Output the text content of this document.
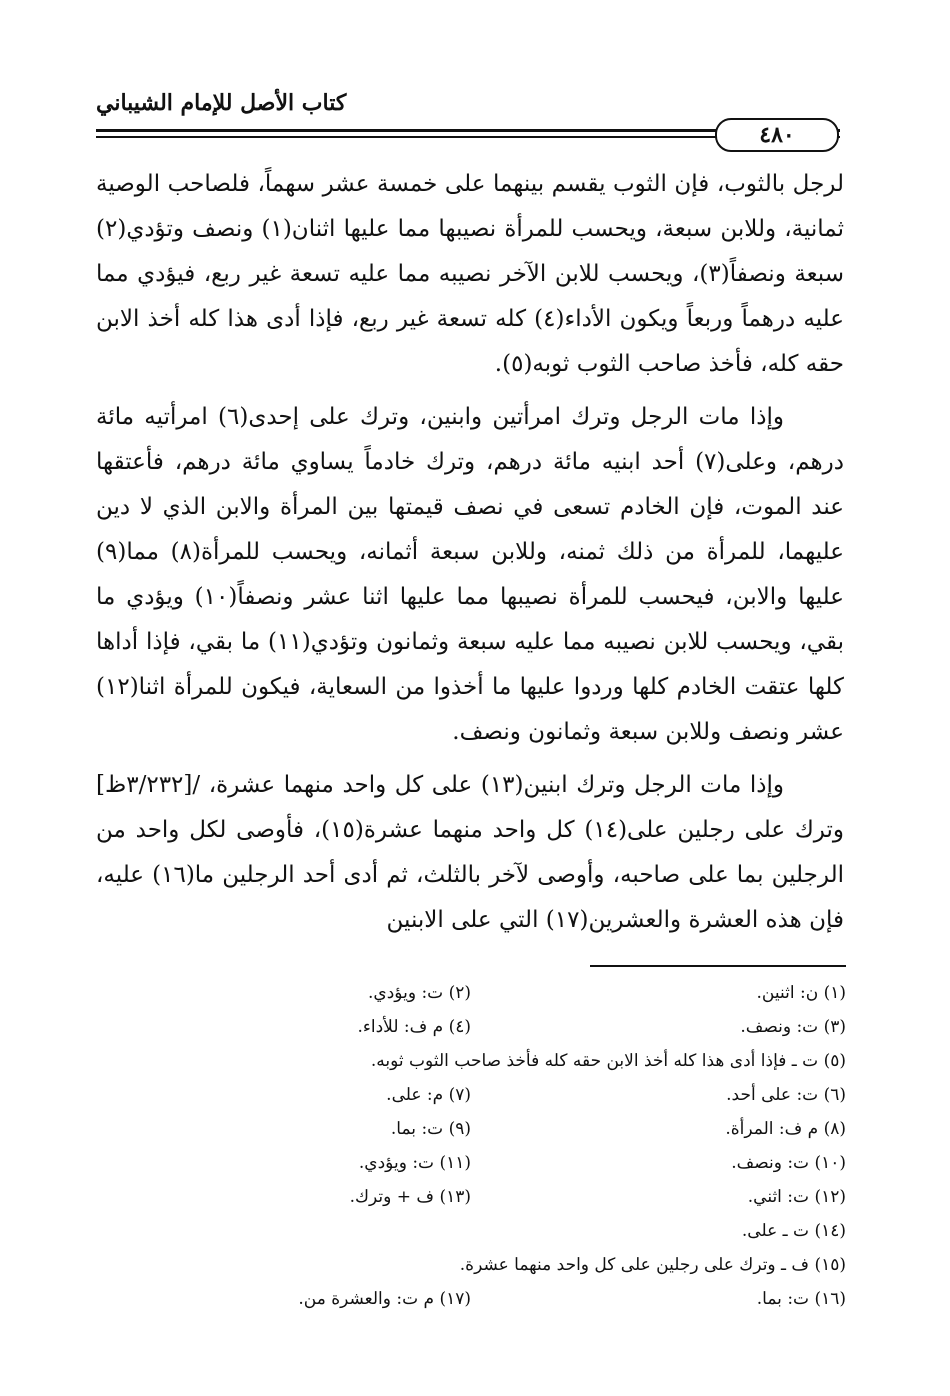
كتاب الأصل للإمام الشيباني
٤٨٠

لرجل بالثوب، فإن الثوب يقسم بينهما على خمسة عشر سهماً، فلصاحب الوصية ثمانية، وللابن سبعة، ويحسب للمرأة نصيبها مما عليها اثنان(١) ونصف وتؤدي(٢) سبعة ونصفاً(٣)، ويحسب للابن الآخر نصيبه مما عليه تسعة غير ربع، فيؤدي مما عليه درهماً وربعاً ويكون الأداء(٤) كله تسعة غير ربع، فإذا أدى هذا كله أخذ الابن حقه كله، فأخذ صاحب الثوب ثوبه(٥).

وإذا مات الرجل وترك امرأتين وابنين، وترك على إحدى(٦) امرأتيه مائة درهم، وعلى(٧) أحد ابنيه مائة درهم، وترك خادماً يساوي مائة درهم، فأعتقها عند الموت، فإن الخادم تسعى في نصف قيمتها بين المرأة والابن الذي لا دين عليهما، للمرأة من ذلك ثمنه، وللابن سبعة أثمانه، ويحسب للمرأة(٨) مما(٩) عليها والابن، فيحسب للمرأة نصيبها مما عليها اثنا عشر ونصفاً(١٠) ويؤدي ما بقي، ويحسب للابن نصيبه مما عليه سبعة وثمانون وتؤدي(١١) ما بقي، فإذا أداها كلها عتقت الخادم كلها وردوا عليها ما أخذوا من السعاية، فيكون للمرأة اثنا(١٢) عشر ونصف وللابن سبعة وثمانون ونصف.

وإذا مات الرجل وترك ابنين(١٣) على كل واحد منهما عشرة، /[٣/٢٣٢ظ] وترك على رجلين على(١٤) كل واحد منهما عشرة(١٥)، فأوصى لكل واحد من الرجلين بما على صاحبه، وأوصى لآخر بالثلث، ثم أدى أحد الرجلين ما(١٦) عليه، فإن هذه العشرة والعشرين(١٧) التي على الابنين

(١) ن: اثنين.
(٢) ت: ويؤدي.
(٣) ت: ونصف.
(٤) م ف: للأداء.
(٥) ت ـ فإذا أدى هذا كله أخذ الابن حقه كله فأخذ صاحب الثوب ثوبه.
(٦) ت: على أحد.
(٧) م: على.
(٨) م ف: المرأة.
(٩) ت: بما.
(١٠) ت: ونصف.
(١١) ت: ويؤدي.
(١٢) ت: اثني.
(١٣) ف + وترك.
(١٤) ت ـ على.
(١٥) ف ـ وترك على رجلين على كل واحد منهما عشرة.
(١٦) ت: بما.
(١٧) م ت: والعشرة من.
